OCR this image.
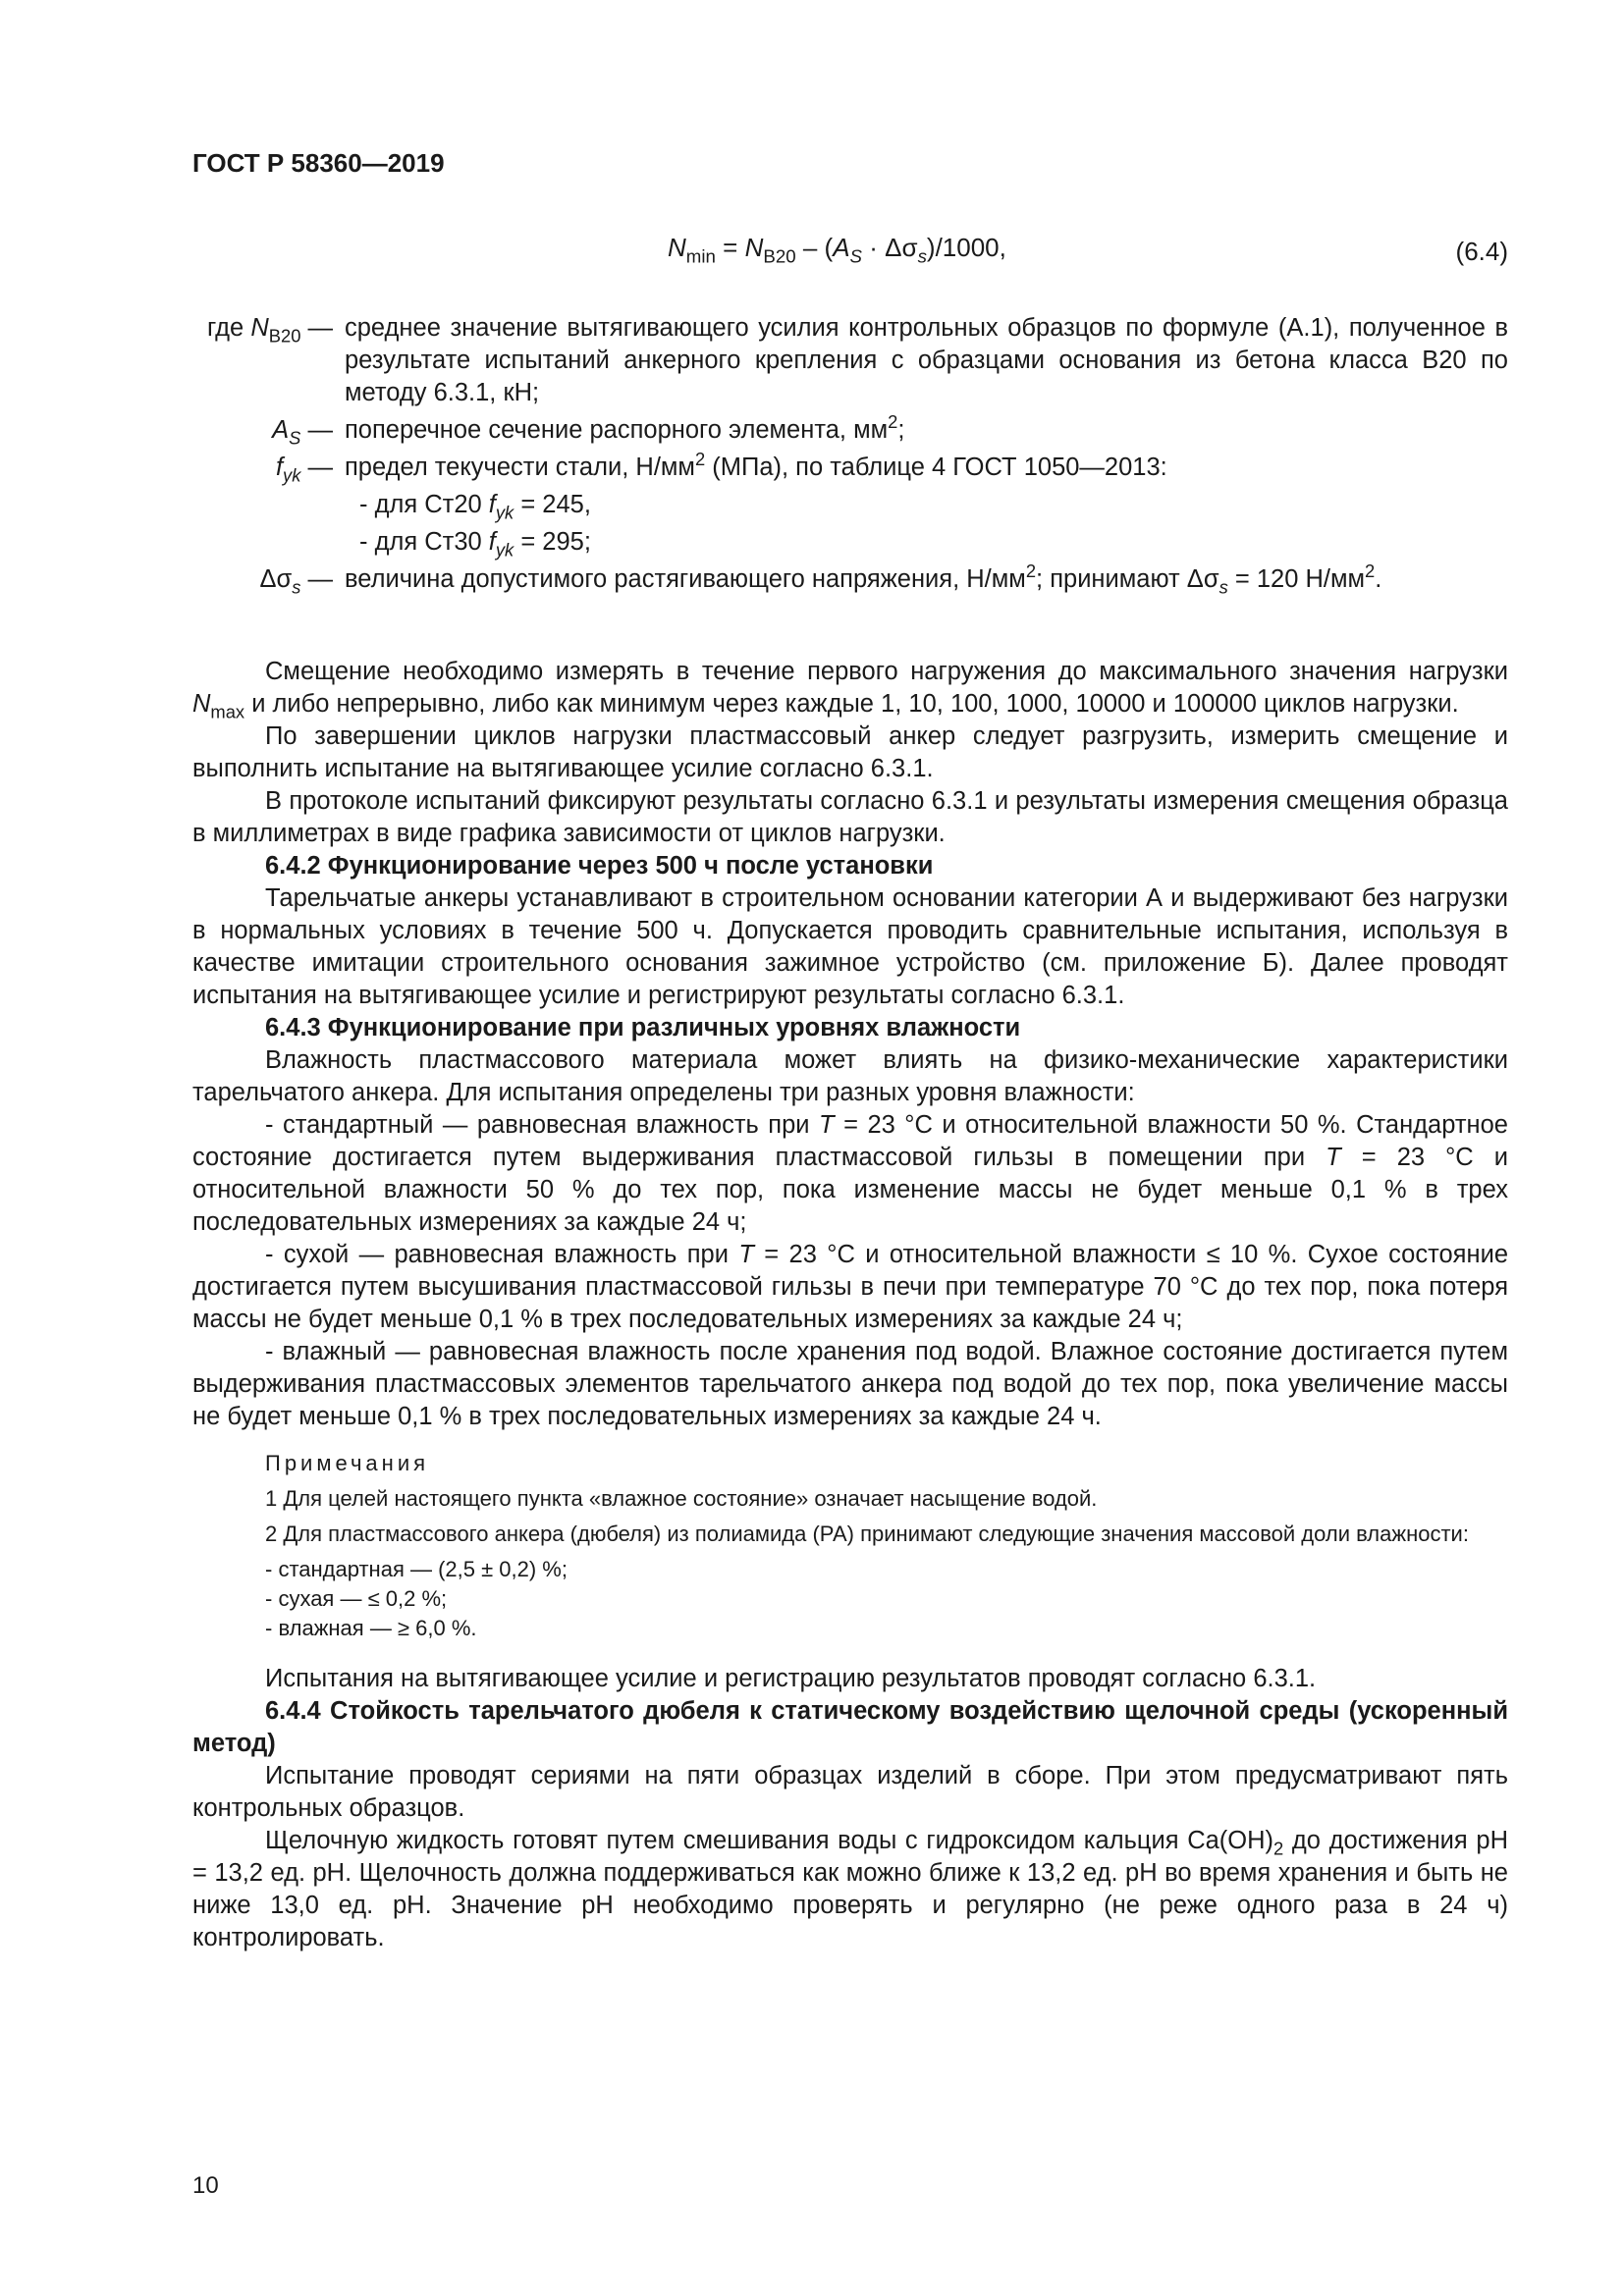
ГОСТ Р 58360—2019
$N_{min} = N_{B20} - (A_S \cdot \Delta\sigma_s)/1000$,	(6.4)
где $N_{B20}$ — среднее значение вытягивающего усилия контрольных образцов по формуле (А.1), полученное в результате испытаний анкерного крепления с образцами основания из бетона класса В20 по методу 6.3.1, кН;
$A_S$ — поперечное сечение распорного элемента, $мм^2$;
$f_{yk}$ — предел текучести стали, $Н/мм^2$ (МПа), по таблице 4 ГОСТ 1050—2013:
- для Ст20 $f_{yk} = 245$,
- для Ст30 $f_{yk} = 295$;
$\Delta\sigma_s$ — величина допустимого растягивающего напряжения, $Н/мм^2$; принимают $\Delta\sigma_s = 120$ $Н/мм^2$.

Смещение необходимо измерять в течение первого нагружения до максимального значения нагрузки $N_{max}$ и либо непрерывно, либо как минимум через каждые 1, 10, 100, 1000, 10000 и 100000 циклов нагрузки.

По завершении циклов нагрузки пластмассовый анкер следует разгрузить, измерить смещение и выполнить испытание на вытягивающее усилие согласно 6.3.1.

В протоколе испытаний фиксируют результаты согласно 6.3.1 и результаты измерения смещения образца в миллиметрах в виде графика зависимости от циклов нагрузки.

6.4.2 Функционирование через 500 ч после установки

Тарельчатые анкеры устанавливают в строительном основании категории А и выдерживают без нагрузки в нормальных условиях в течение 500 ч. Допускается проводить сравнительные испытания, используя в качестве имитации строительного основания зажимное устройство (см. приложение Б). Далее проводят испытания на вытягивающее усилие и регистрируют результаты согласно 6.3.1.

6.4.3 Функционирование при различных уровнях влажности

Влажность пластмассового материала может влиять на физико-механические характеристики тарельчатого анкера. Для испытания определены три разных уровня влажности:

- стандартный — равновесная влажность при T = 23 °С и относительной влажности 50 %. Стандартное состояние достигается путем выдерживания пластмассовой гильзы в помещении при T = 23 °С и относительной влажности 50 % до тех пор, пока изменение массы не будет меньше 0,1 % в трех последовательных измерениях за каждые 24 ч;

- сухой — равновесная влажность при T = 23 °С и относительной влажности ≤ 10 %. Сухое состояние достигается путем высушивания пластмассовой гильзы в печи при температуре 70 °С до тех пор, пока потеря массы не будет меньше 0,1 % в трех последовательных измерениях за каждые 24 ч;

- влажный — равновесная влажность после хранения под водой. Влажное состояние достигается путем выдерживания пластмассовых элементов тарельчатого анкера под водой до тех пор, пока увеличение массы не будет меньше 0,1 % в трех последовательных измерениях за каждые 24 ч.

Примечания

1 Для целей настоящего пункта «влажное состояние» означает насыщение водой.

2 Для пластмассового анкера (дюбеля) из полиамида (РА) принимают следующие значения массовой доли влажности:

- стандартная — (2,5 ± 0,2) %;

- сухая — ≤ 0,2 %;

- влажная — ≥ 6,0 %.

Испытания на вытягивающее усилие и регистрацию результатов проводят согласно 6.3.1.

6.4.4 Стойкость тарельчатого дюбеля к статическому воздействию щелочной среды (ускоренный метод)

Испытание проводят сериями на пяти образцах изделий в сборе. При этом предусматривают пять контрольных образцов.

Щелочную жидкость готовят путем смешивания воды с гидроксидом кальция $Ca(OH)_2$ до достижения pH = 13,2 ед. pH. Щелочность должна поддерживаться как можно ближе к 13,2 ед. pH во время хранения и быть не ниже 13,0 ед. pH. Значение pH необходимо проверять и регулярно (не реже одного раза в 24 ч) контролировать.

10
